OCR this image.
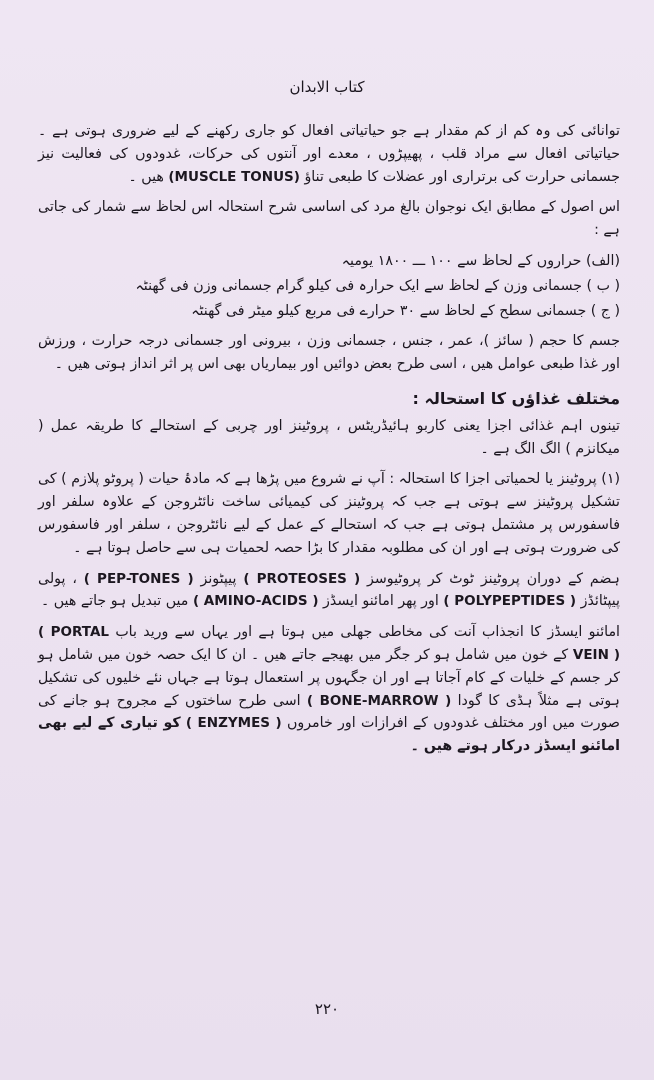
کتاب الابدان

توانائی کی وہ کم از کم مقدار ہے جو حیاتیاتی افعال کو جاری رکھنے کے لیے ضروری ہوتی ہے ۔ حیاتیاتی افعال سے مراد قلب ، پھیپڑوں ، معدے اور آنتوں کی حرکات، غدودوں کی فعالیت نیز جسمانی حرارت کی برتراری اور عضلات کا طبعی تناؤ (MUSCLE TONUS) ھیں ۔

اس اصول کے مطابق ایک نوجوان بالغ مرد کی اساسی شرح استحالہ اس لحاظ سے شمار کی جاتی ہے :

(الف) حراروں کے لحاظ سے ۱۰۰ ـــ ۱۸۰۰ یومیہ

( ب ) جسمانی وزن کے لحاظ سے ایک حرارہ فی کیلو گرام جسمانی وزن فی گھنٹہ

( ج ) جسمانی سطح کے لحاظ سے ۳۰ حرارے فی مربع کیلو میٹر فی گھنٹہ

جسم کا حجم ( سائز )، عمر ، جنس ، جسمانی وزن ، بیرونی اور جسمانی درجہ حرارت ، ورزش اور غذا طبعی عوامل ھیں ، اسی طرح بعض دوائیں اور بیماریاں بھی اس پر اثر انداز ہوتی ھیں ۔

مختلف غذاؤں کا استحالہ :

تینوں اہم غذائی اجزا یعنی کاربو ہائیڈریٹس ، پروٹینز اور چربی کے استحالے کا طریقہ عمل ( میکانزم ) الگ الگ ہے ۔

(۱) پروٹینز یا لحمیاتی اجزا کا استحالہ : آپ نے شروع میں پڑھا ہے کہ مادۂ حیات ( پروٹو پلازم ) کی تشکیل پروٹینز سے ہوتی ہے جب کہ پروٹینز کی کیمیائی ساخت نائٹروجن کے علاوہ سلفر اور فاسفورس پر مشتمل ہوتی ہے جب کہ استحالے کے عمل کے لیے نائٹروجن ، سلفر اور فاسفورس کی ضرورت ہوتی ہے اور ان کی مطلوبہ مقدار کا بڑا حصہ لحمیات ہی سے حاصل ہوتا ہے ۔

ہضم کے دوران پروٹینز ٹوٹ کر پروٹیوسز ( PROTEOSES ) پیپٹونز ( PEP-TONES ) ، پولی پیپٹائڈز ( POLYPEPTIDES ) اور پھر امائنو ایسڈز ( AMINO-ACIDS ) میں تبدیل ہو جاتے ھیں ۔

امائنو ایسڈز کا انجذاب آنت کی مخاطی جھلی میں ہوتا ہے اور یہاں سے ورید باب ( PORTAL VEIN ) کے خون میں شامل ہو کر جگر میں بھیجے جاتے ھیں ۔ ان کا ایک حصہ خون میں شامل ہو کر جسم کے خلیات کے کام آجاتا ہے اور ان جگہوں پر استعمال ہوتا ہے جہاں نئے خلیوں کی تشکیل ہوتی ہے مثلاً ہڈی کا گودا ( BONE-MARROW ) اسی طرح ساختوں کے مجروح ہو جانے کی صورت میں اور مختلف غدودوں کے افرازات اور خامروں ( ENZYMES ) کو تیاری کے لیے بھی امائنو ایسڈز درکار ہوتے ھیں ۔

۲۲۰
